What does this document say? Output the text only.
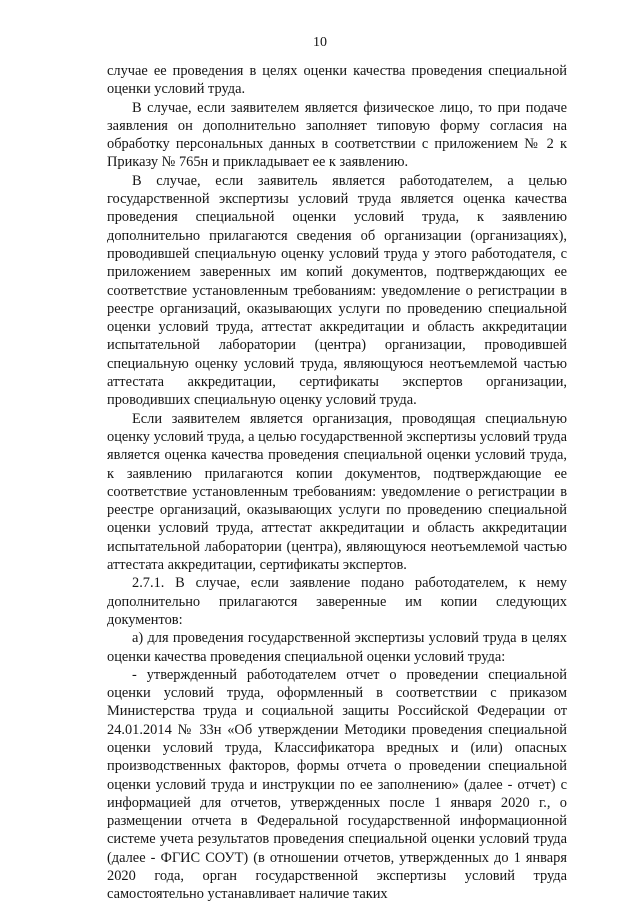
10

случае ее проведения в целях оценки качества проведения специальной оценки условий труда.

В случае, если заявителем является физическое лицо, то при подаче заявления он дополнительно заполняет типовую форму согласия на обработку персональных данных в соответствии с приложением № 2 к Приказу № 765н и прикладывает ее к заявлению.

В случае, если заявитель является работодателем, а целью государственной экспертизы условий труда является оценка качества проведения специальной оценки условий труда, к заявлению дополнительно прилагаются сведения об организации (организациях), проводившей специальную оценку условий труда у этого работодателя, с приложением заверенных им копий документов, подтверждающих ее соответствие установленным требованиям: уведомление о регистрации в реестре организаций, оказывающих услуги по проведению специальной оценки условий труда, аттестат аккредитации и область аккредитации испытательной лаборатории (центра) организации, проводившей специальную оценку условий труда, являющуюся неотъемлемой частью аттестата аккредитации, сертификаты экспертов организации, проводивших специальную оценку условий труда.

Если заявителем является организация, проводящая специальную оценку условий труда, а целью государственной экспертизы условий труда является оценка качества проведения специальной оценки условий труда, к заявлению прилагаются копии документов, подтверждающие ее соответствие установленным требованиям: уведомление о регистрации в реестре организаций, оказывающих услуги по проведению специальной оценки условий труда, аттестат аккредитации и область аккредитации испытательной лаборатории (центра), являющуюся неотъемлемой частью аттестата аккредитации, сертификаты экспертов.

2.7.1. В случае, если заявление подано работодателем, к нему дополнительно прилагаются заверенные им копии следующих документов:

а) для проведения государственной экспертизы условий труда в целях оценки качества проведения специальной оценки условий труда:

- утвержденный работодателем отчет о проведении специальной оценки условий труда, оформленный в соответствии с приказом Министерства труда и социальной защиты Российской Федерации от 24.01.2014 № 33н «Об утверждении Методики проведения специальной оценки условий труда, Классификатора вредных и (или) опасных производственных факторов, формы отчета о проведении специальной оценки условий труда и инструкции по ее заполнению» (далее - отчет) с информацией для отчетов, утвержденных после 1 января 2020 г., о размещении отчета в Федеральной государственной информационной системе учета результатов проведения специальной оценки условий труда (далее - ФГИС СОУТ) (в отношении отчетов, утвержденных до 1 января 2020 года, орган государственной экспертизы условий труда самостоятельно устанавливает наличие таких
